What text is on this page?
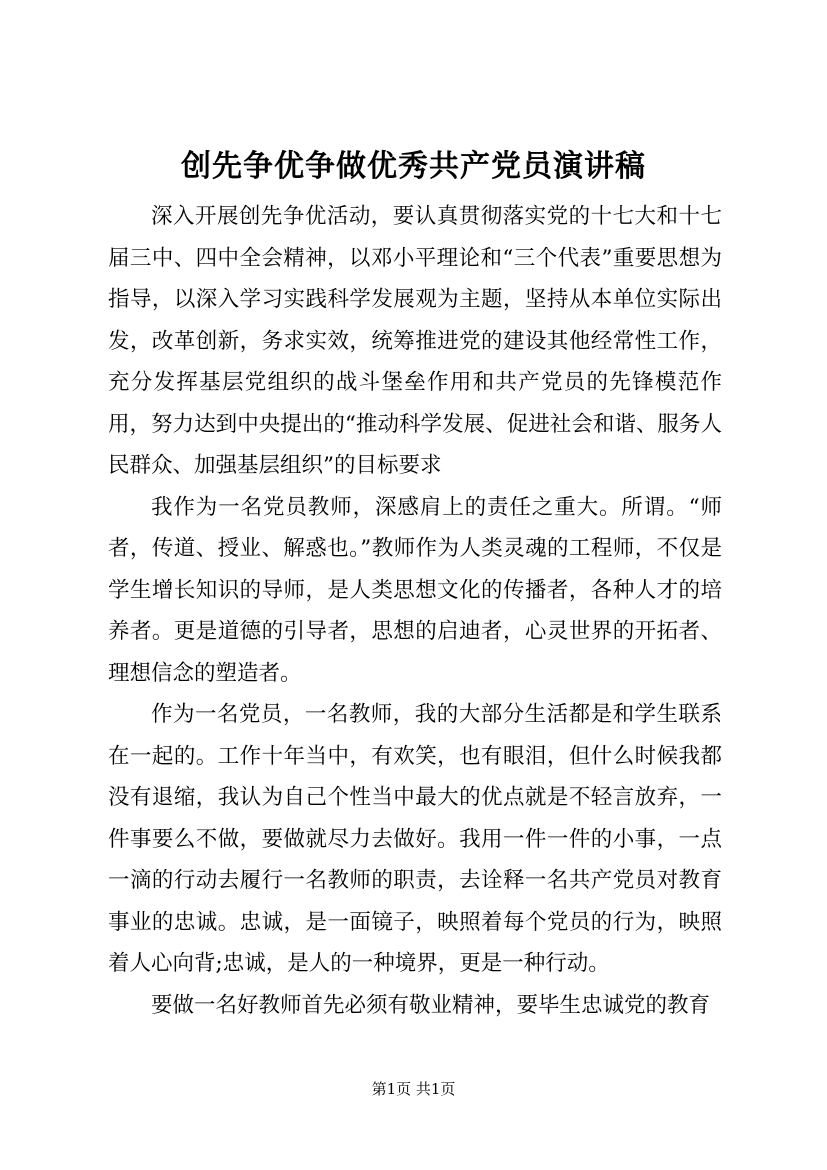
创先争优争做优秀共产党员演讲稿

深入开展创先争优活动，要认真贯彻落实党的十七大和十七届三中、四中全会精神，以邓小平理论和“三个代表”重要思想为指导，以深入学习实践科学发展观为主题，坚持从本单位实际出发，改革创新，务求实效，统筹推进党的建设其他经常性工作，充分发挥基层党组织的战斗堡垒作用和共产党员的先锋模范作用，努力达到中央提出的“推动科学发展、促进社会和谐、服务人民群众、加强基层组织”的目标要求

我作为一名党员教师，深感肩上的责任之重大。所谓。“师者，传道、授业、解惑也。”教师作为人类灵魂的工程师，不仅是学生增长知识的导师，是人类思想文化的传播者，各种人才的培养者。更是道德的引导者，思想的启迪者，心灵世界的开拓者、理想信念的塑造者。

作为一名党员，一名教师，我的大部分生活都是和学生联系在一起的。工作十年当中，有欢笑，也有眼泪，但什么时候我都没有退缩，我认为自己个性当中最大的优点就是不轻言放弃，一件事要么不做，要做就尽力去做好。我用一件一件的小事，一点一滴的行动去履行一名教师的职责，去诠释一名共产党员对教育事业的忠诚。忠诚，是一面镜子，映照着每个党员的行为，映照着人心向背;忠诚，是人的一种境界，更是一种行动。

要做一名好教师首先必须有敬业精神，要毕生忠诚党的教育

第1页 共1页
